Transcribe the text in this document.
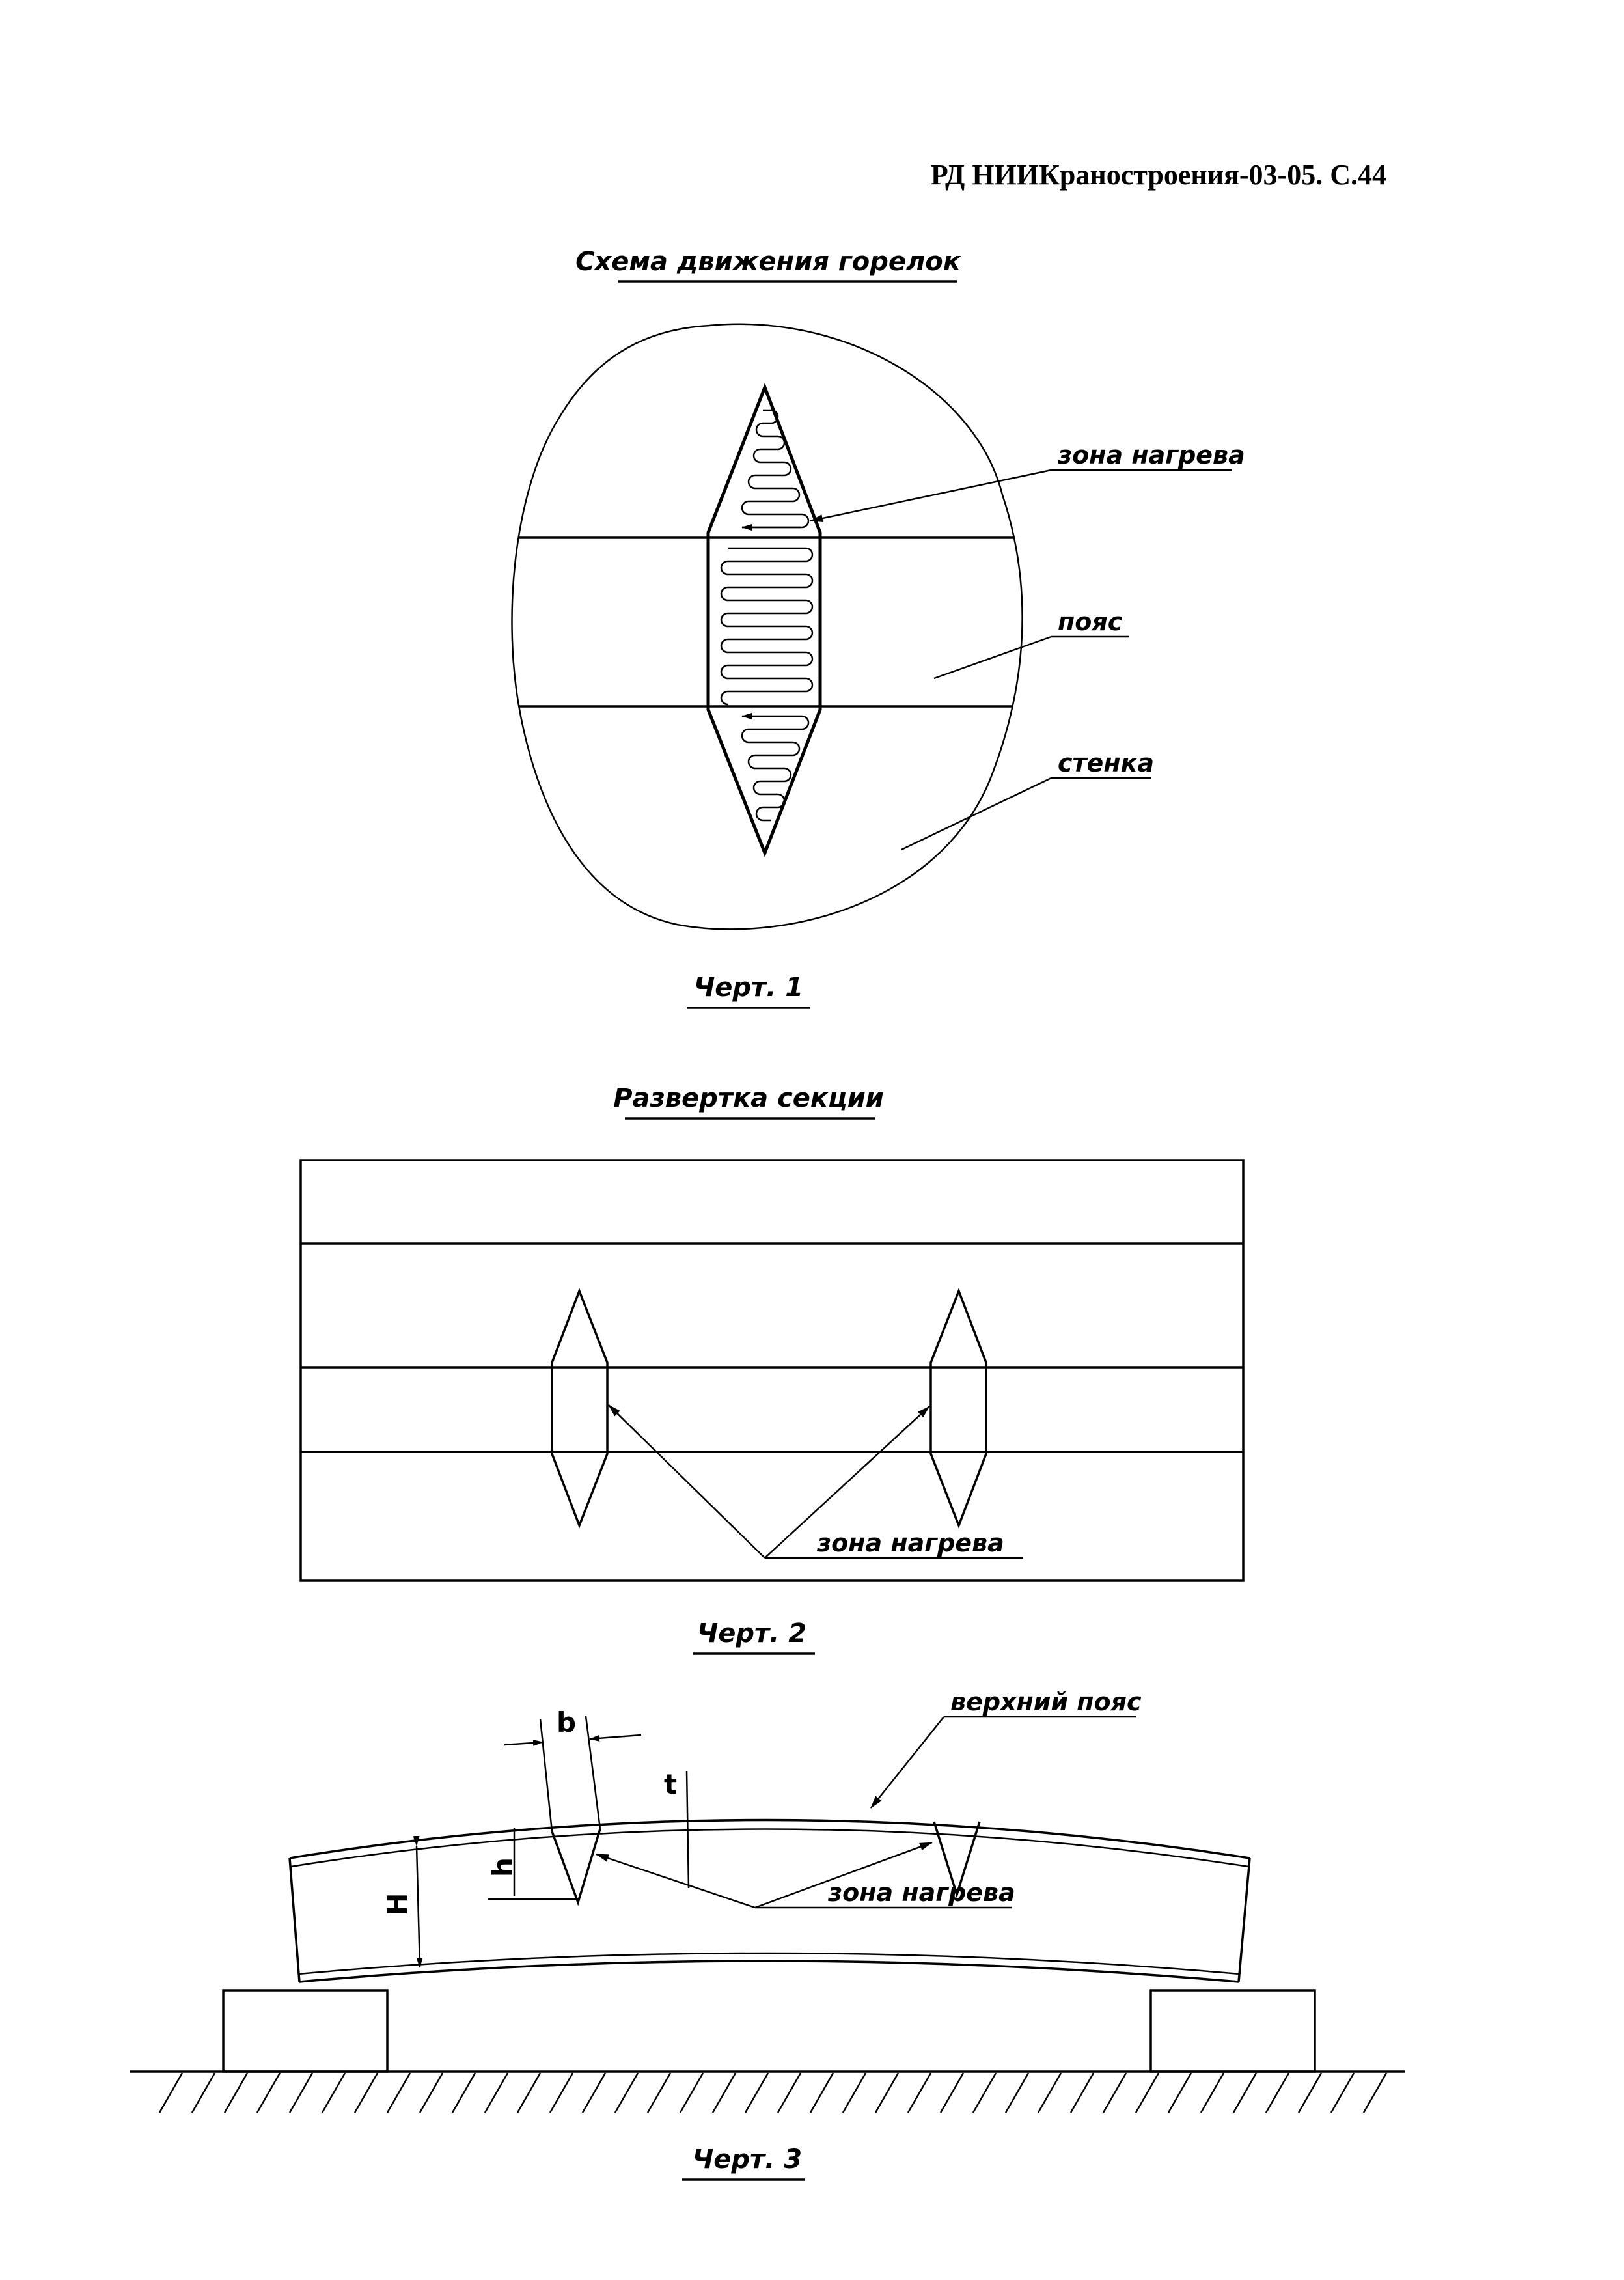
РД НИИКраностроения-03-05. С.44
Схема движения горелок
зона нагрева
пояс
стенка
Черт. 1
Развертка секции
зона нагрева
Черт. 2
b
t
h
H
верхний пояс
зона нагрева
Черт. 3
